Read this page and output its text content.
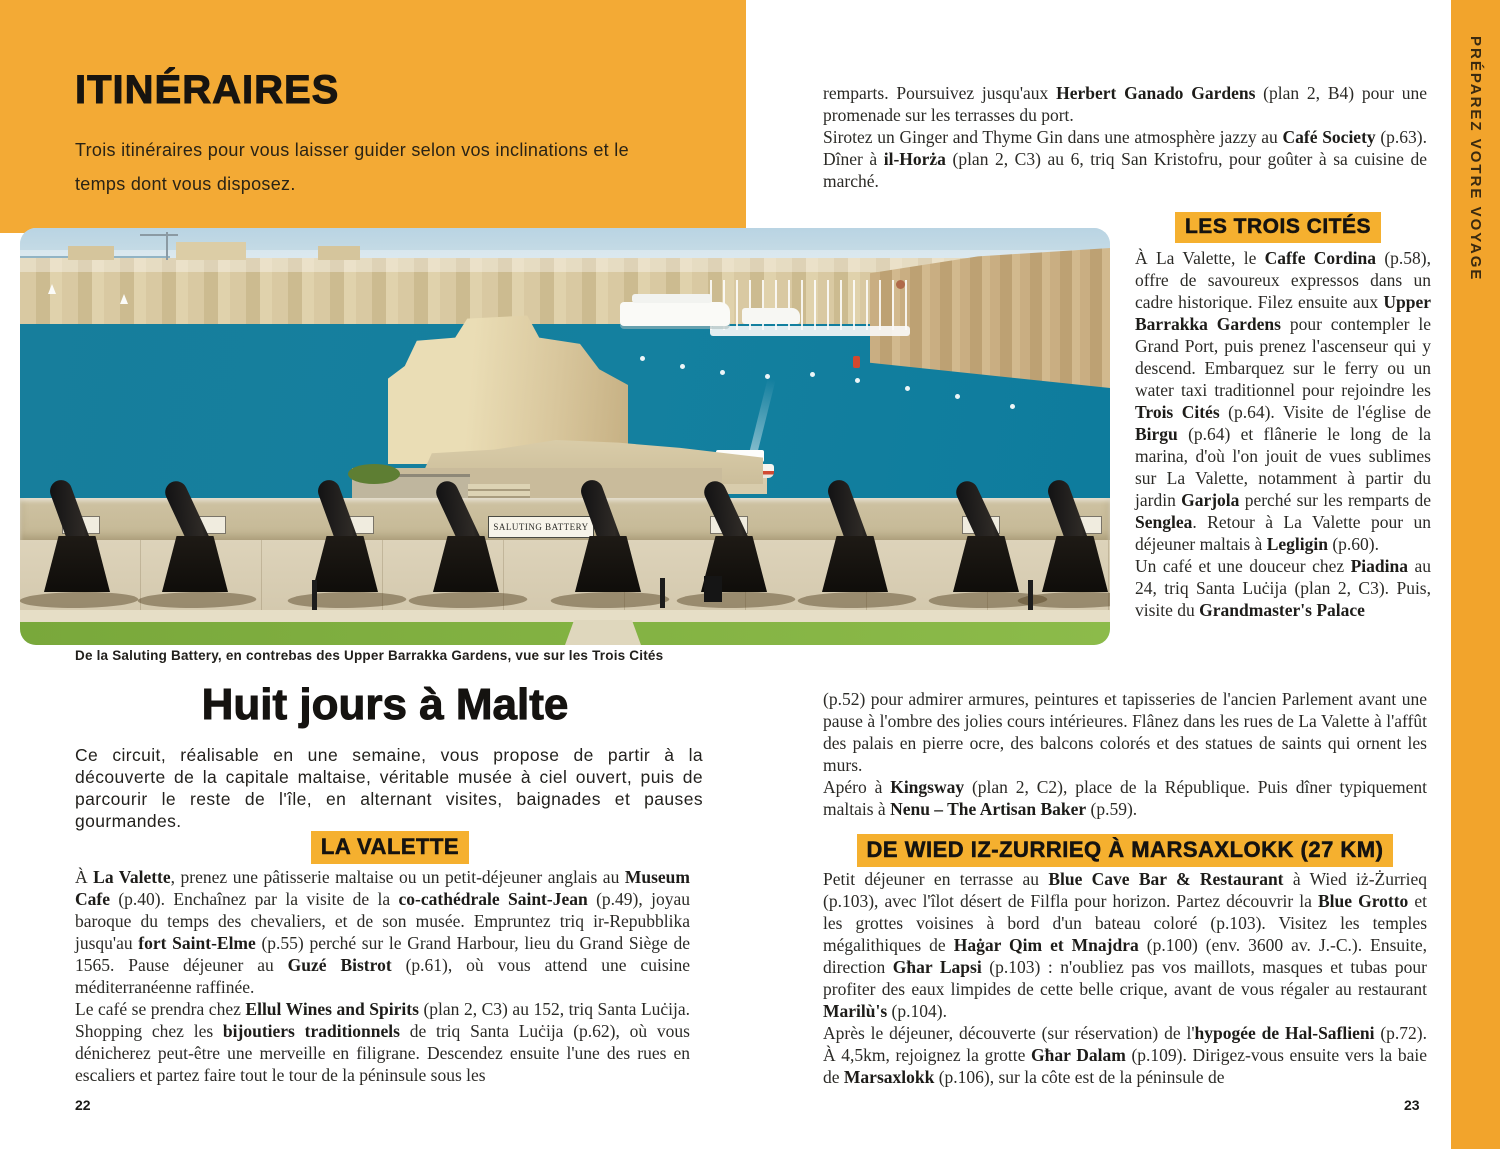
ITINÉRAIRES

Trois itinéraires pour vous laisser guider selon vos inclinations et le temps dont vous disposez.	PRÉPAREZ VOTRE VOYAGE
SALUTING BATTERY

De la Saluting Battery, en contrebas des Upper Barrakka Gardens, vue sur les Trois Cités

Huit jours à Malte

Ce circuit, réalisable en une semaine, vous propose de partir à la découverte de la capitale maltaise, véritable musée à ciel ouvert, puis de parcourir le reste de l'île, en alternant visites, baignades et pauses gourmandes.

LA VALETTE

À La Valette, prenez une pâtisserie maltaise ou un petit-déjeuner anglais au Museum Cafe (p.40). Enchaînez par la visite de la co-cathédrale Saint-Jean (p.49), joyau baroque du temps des chevaliers, et de son musée. Empruntez triq ir-Repubblika jusqu'au fort Saint-Elme (p.55) perché sur le Grand Harbour, lieu du Grand Siège de 1565. Pause déjeuner au Guzé Bistrot (p.61), où vous attend une cuisine méditerranéenne raffinée.

Le café se prendra chez Ellul Wines and Spirits (plan 2, C3) au 152, triq Santa Luċija. Shopping chez les bijoutiers traditionnels de triq Santa Luċija (p.62), où vous dénicherez peut-être une merveille en filigrane. Descendez ensuite l'une des rues en escaliers et partez faire tout le tour de la péninsule sous les

22

remparts. Poursuivez jusqu'aux Herbert Ganado Gardens (plan 2, B4) pour une promenade sur les terrasses du port.

Sirotez un Ginger and Thyme Gin dans une atmosphère jazzy au Café Society (p.63). Dîner à il-Horża (plan 2, C3) au 6, triq San Kristofru, pour goûter à sa cuisine de marché.

LES TROIS CITÉS

À La Valette, le Caffe Cordina (p.58), offre de savoureux expressos dans un cadre historique. Filez ensuite aux Upper Barrakka Gardens pour contempler le Grand Port, puis prenez l'ascenseur qui y descend. Embarquez sur le ferry ou un water taxi traditionnel pour rejoindre les Trois Cités (p.64). Visite de l'église de Birgu (p.64) et flânerie le long de la marina, d'où l'on jouit de vues sublimes sur La Valette, notamment à partir du jardin Garjola perché sur les remparts de Senglea. Retour à La Valette pour un déjeuner maltais à Legligin (p.60).

Un café et une douceur chez Piadina au 24, triq Santa Luċija (plan 2, C3). Puis, visite du Grandmaster's Palace

(p.52) pour admirer armures, peintures et tapisseries de l'ancien Parlement avant une pause à l'ombre des jolies cours intérieures. Flânez dans les rues de La Valette à l'affût des palais en pierre ocre, des balcons colorés et des statues de saints qui ornent les murs.

Apéro à Kingsway (plan 2, C2), place de la République. Puis dîner typiquement maltais à Nenu – The Artisan Baker (p.59).

DE WIED IZ-ZURRIEQ À MARSAXLOKK (27 KM)

Petit déjeuner en terrasse au Blue Cave Bar & Restaurant à Wied iż-Żurrieq (p.103), avec l'îlot désert de Filfla pour horizon. Partez découvrir la Blue Grotto et les grottes voisines à bord d'un bateau coloré (p.103). Visitez les temples mégalithiques de Haġar Qim et Mnajdra (p.100) (env. 3600 av. J.-C.). Ensuite, direction Għar Lapsi (p.103) : n'oubliez pas vos maillots, masques et tubas pour profiter des eaux limpides de cette belle crique, avant de vous régaler au restaurant Marilù's (p.104).

Après le déjeuner, découverte (sur réservation) de l'hypogée de Hal-Saflieni (p.72). À 4,5km, rejoignez la grotte Għar Dalam (p.109). Dirigez-vous ensuite vers la baie de Marsaxlokk (p.106), sur la côte est de la péninsule de

23
